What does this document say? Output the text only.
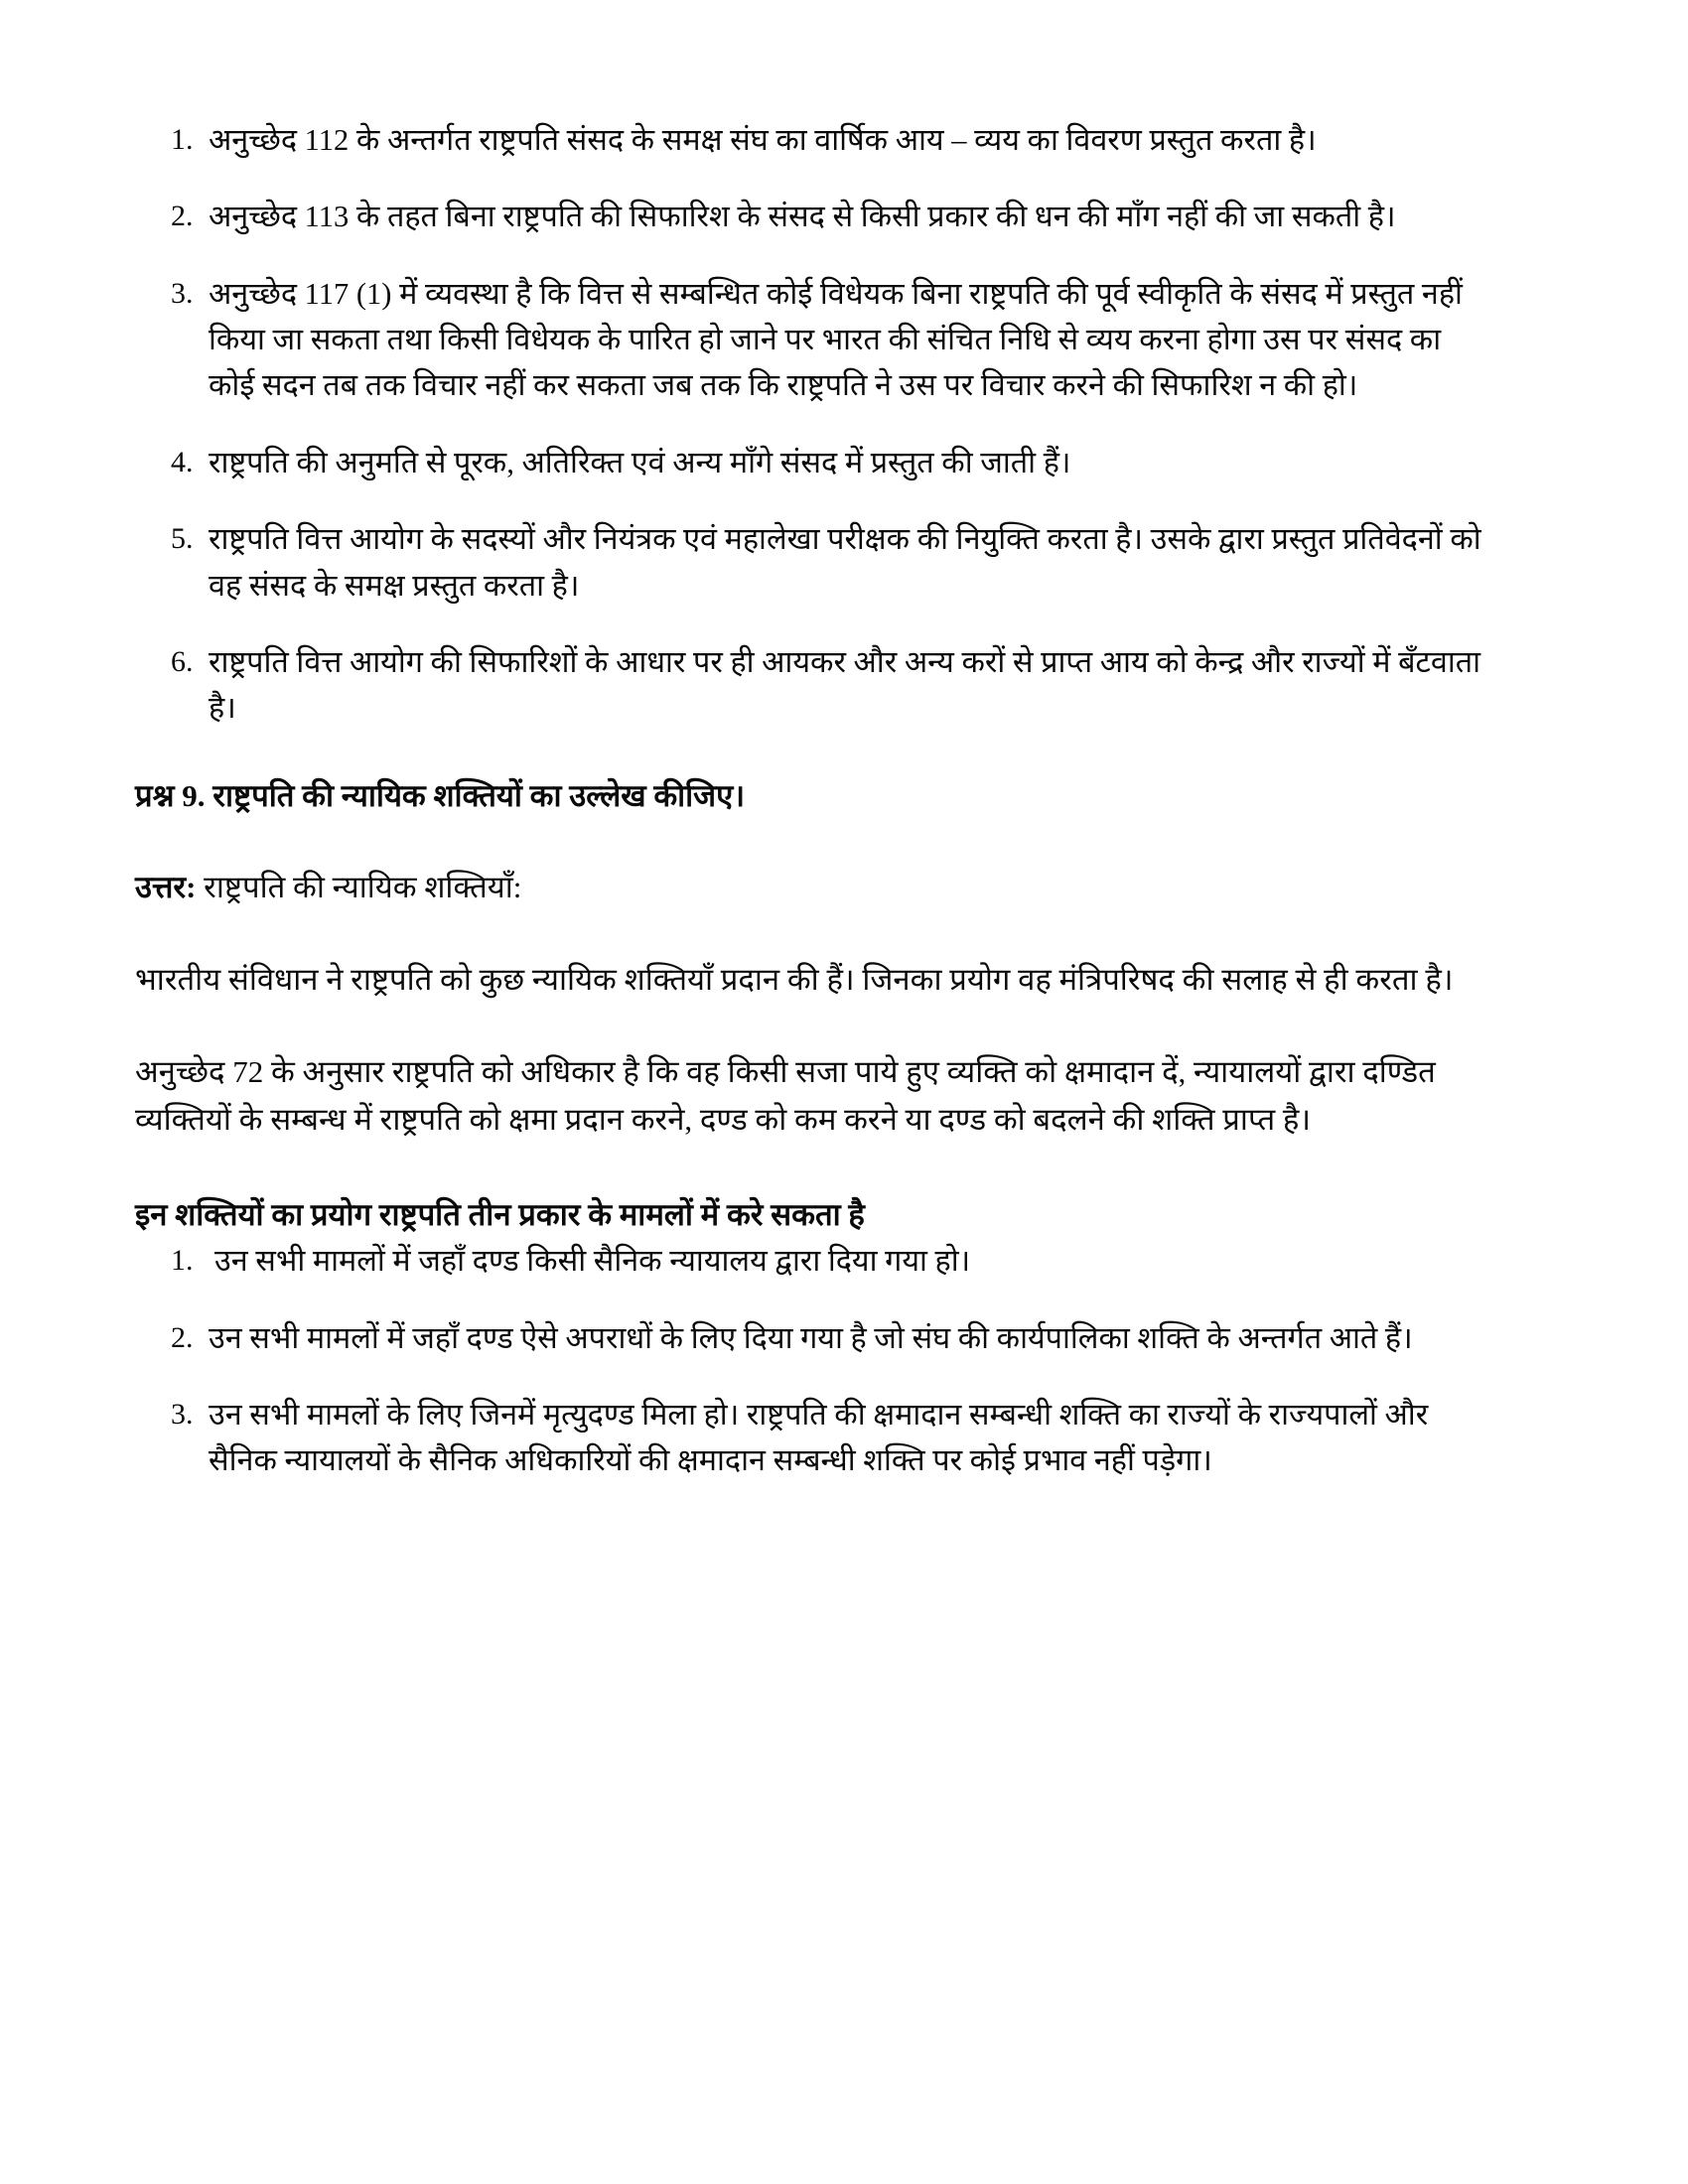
1. अनुच्छेद 112 के अन्तर्गत राष्ट्रपति संसद के समक्ष संघ का वार्षिक आय – व्यय का विवरण प्रस्तुत करता है।
2. अनुच्छेद 113 के तहत बिना राष्ट्रपति की सिफारिश के संसद से किसी प्रकार की धन की माँग नहीं की जा सकती है।
3. अनुच्छेद 117 (1) में व्यवस्था है कि वित्त से सम्बन्धित कोई विधेयक बिना राष्ट्रपति की पूर्व स्वीकृति के संसद में प्रस्तुत नहीं किया जा सकता तथा किसी विधेयक के पारित हो जाने पर भारत की संचित निधि से व्यय करना होगा उस पर संसद का कोई सदन तब तक विचार नहीं कर सकता जब तक कि राष्ट्रपति ने उस पर विचार करने की सिफारिश न की हो।
4. राष्ट्रपति की अनुमति से पूरक, अतिरिक्त एवं अन्य माँगे संसद में प्रस्तुत की जाती हैं।
5. राष्ट्रपति वित्त आयोग के सदस्यों और नियंत्रक एवं महालेखा परीक्षक की नियुक्ति करता है। उसके द्वारा प्रस्तुत प्रतिवेदनों को वह संसद के समक्ष प्रस्तुत करता है।
6. राष्ट्रपति वित्त आयोग की सिफारिशों के आधार पर ही आयकर और अन्य करों से प्राप्त आय को केन्द्र और राज्यों में बँटवाता है।

प्रश्न 9. राष्ट्रपति की न्यायिक शक्तियों का उल्लेख कीजिए।

उत्तर: राष्ट्रपति की न्यायिक शक्तियाँ:

भारतीय संविधान ने राष्ट्रपति को कुछ न्यायिक शक्तियाँ प्रदान की हैं। जिनका प्रयोग वह मंत्रिपरिषद की सलाह से ही करता है।

अनुच्छेद 72 के अनुसार राष्ट्रपति को अधिकार है कि वह किसी सजा पाये हुए व्यक्ति को क्षमादान दें, न्यायालयों द्वारा दण्डित व्यक्तियों के सम्बन्ध में राष्ट्रपति को क्षमा प्रदान करने, दण्ड को कम करने या दण्ड को बदलने की शक्ति प्राप्त है।

इन शक्तियों का प्रयोग राष्ट्रपति तीन प्रकार के मामलों में करे सकता है

1. उन सभी मामलों में जहाँ दण्ड किसी सैनिक न्यायालय द्वारा दिया गया हो।
2. उन सभी मामलों में जहाँ दण्ड ऐसे अपराधों के लिए दिया गया है जो संघ की कार्यपालिका शक्ति के अन्तर्गत आते हैं।
3. उन सभी मामलों के लिए जिनमें मृत्युदण्ड मिला हो। राष्ट्रपति की क्षमादान सम्बन्धी शक्ति का राज्यों के राज्यपालों और सैनिक न्यायालयों के सैनिक अधिकारियों की क्षमादान सम्बन्धी शक्ति पर कोई प्रभाव नहीं पड़ेगा।
